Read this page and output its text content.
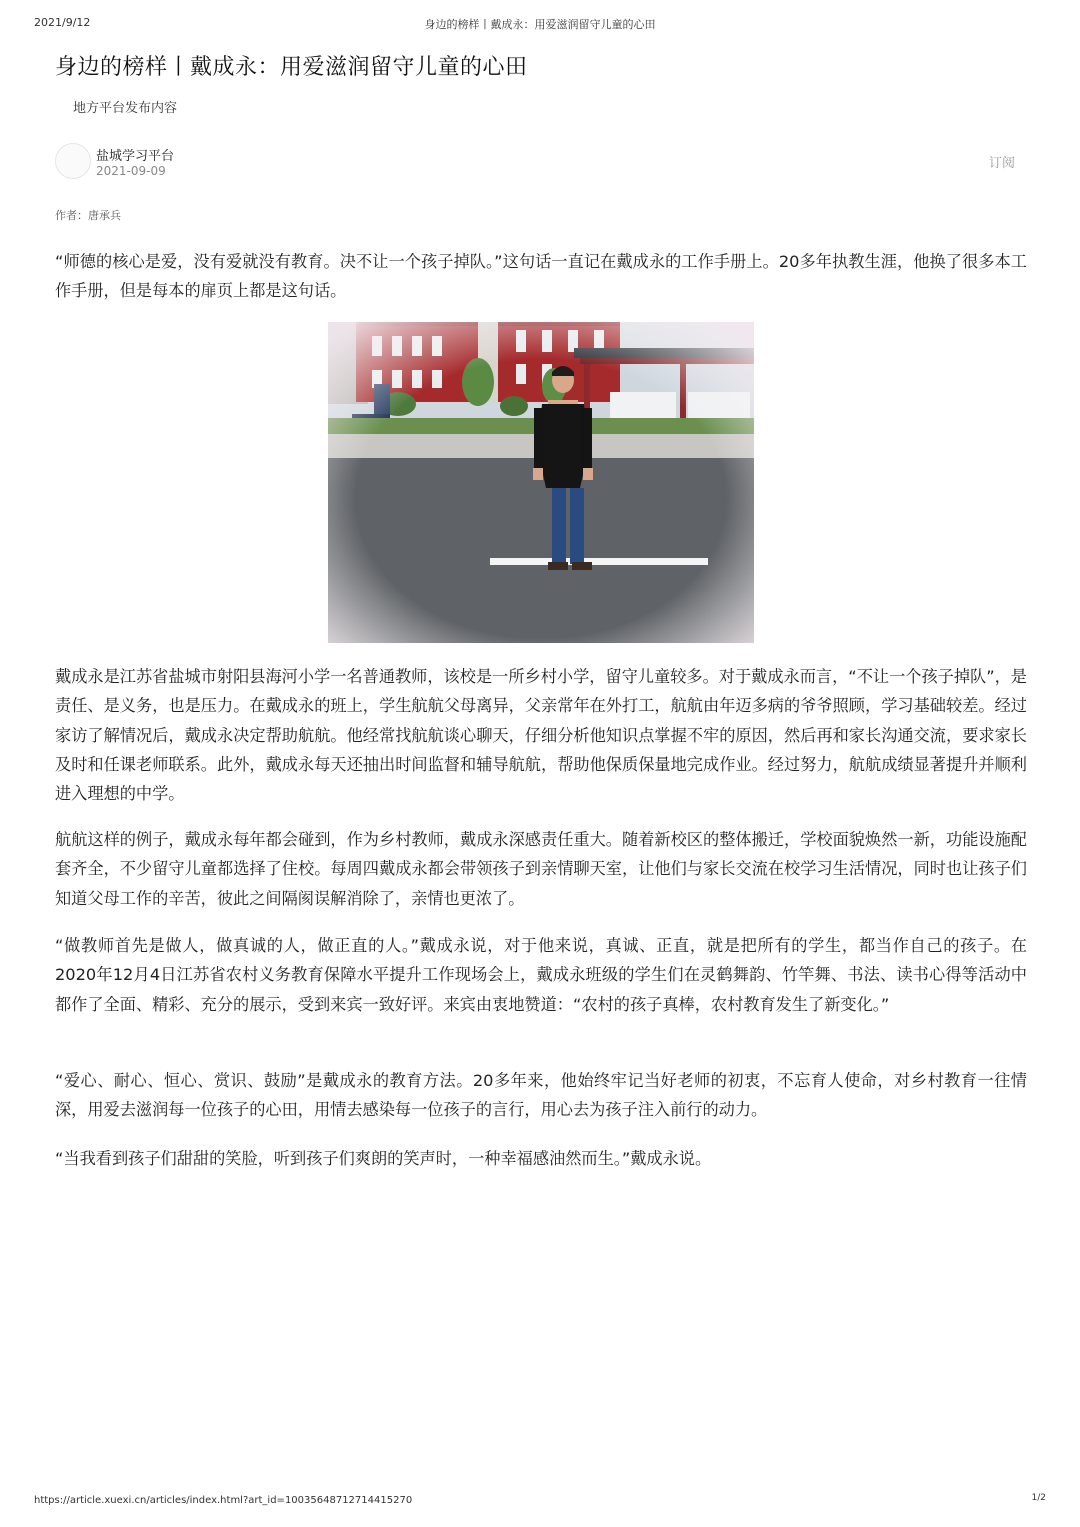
2021/9/12	身边的榜样丨戴成永：用爱滋润留守儿童的心田
身边的榜样丨戴成永：用爱滋润留守儿童的心田
地方平台发布内容
盐城学习平台
2021-09-09	订阅
作者：唐承兵

“师德的核心是爱，没有爱就没有教育。决不让一个孩子掉队。”这句话一直记在戴成永的工作手册上。20多年执教生涯，他换了很多本工作手册，但是每本的扉页上都是这句话。

戴成永是江苏省盐城市射阳县海河小学一名普通教师，该校是一所乡村小学，留守儿童较多。对于戴成永而言，“不让一个孩子掉队”，是责任、是义务，也是压力。在戴成永的班上，学生航航父母离异，父亲常年在外打工，航航由年迈多病的爷爷照顾，学习基础较差。经过家访了解情况后，戴成永决定帮助航航。他经常找航航谈心聊天，仔细分析他知识点掌握不牢的原因，然后再和家长沟通交流，要求家长及时和任课老师联系。此外，戴成永每天还抽出时间监督和辅导航航，帮助他保质保量地完成作业。经过努力，航航成绩显著提升并顺利进入理想的中学。

航航这样的例子，戴成永每年都会碰到，作为乡村教师，戴成永深感责任重大。随着新校区的整体搬迁，学校面貌焕然一新，功能设施配套齐全，不少留守儿童都选择了住校。每周四戴成永都会带领孩子到亲情聊天室，让他们与家长交流在校学习生活情况，同时也让孩子们知道父母工作的辛苦，彼此之间隔阂误解消除了，亲情也更浓了。

“做教师首先是做人，做真诚的人，做正直的人。”戴成永说，对于他来说，真诚、正直，就是把所有的学生，都当作自己的孩子。在2020年12月4日江苏省农村义务教育保障水平提升工作现场会上，戴成永班级的学生们在灵鹤舞韵、竹竿舞、书法、读书心得等活动中都作了全面、精彩、充分的展示，受到来宾一致好评。来宾由衷地赞道：“农村的孩子真棒，农村教育发生了新变化。”

“爱心、耐心、恒心、赏识、鼓励”是戴成永的教育方法。20多年来，他始终牢记当好老师的初衷，不忘育人使命，对乡村教育一往情深，用爱去滋润每一位孩子的心田，用情去感染每一位孩子的言行，用心去为孩子注入前行的动力。

“当我看到孩子们甜甜的笑脸，听到孩子们爽朗的笑声时，一种幸福感油然而生。”戴成永说。

https://article.xuexi.cn/articles/index.html?art_id=10035648712714415270	1/2
